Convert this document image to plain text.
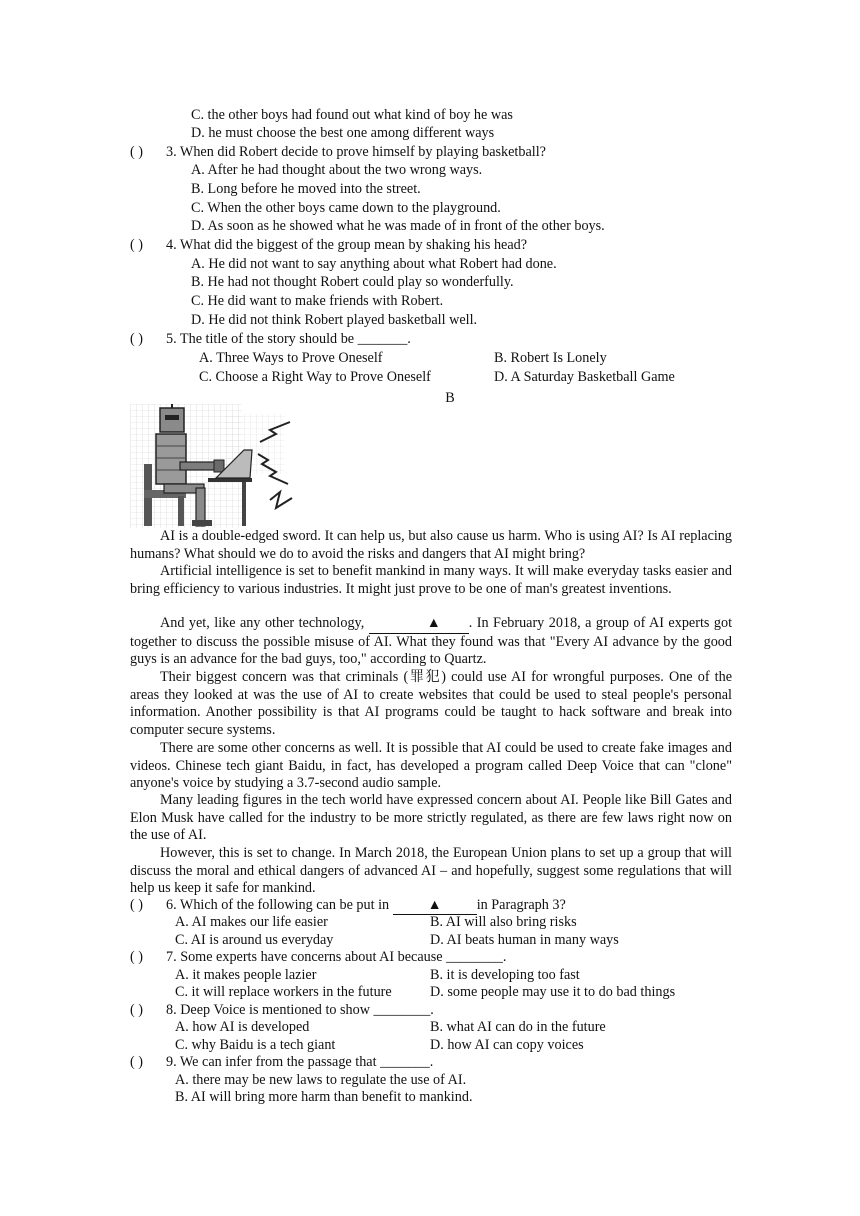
C. the other boys had found out what kind of boy he was
D. he must choose the best one among different ways
( ) 3. When did Robert decide to prove himself by playing basketball?
A. After he had thought about the two wrong ways.
B. Long before he moved into the street.
C. When the other boys came down to the playground.
D. As soon as he showed what he was made of in front of the other boys.
( ) 4. What did the biggest of the group mean by shaking his head?
A. He did not want to say anything about what Robert had done.
B. He had not thought Robert could play so wonderfully.
C. He did want to make friends with Robert.
D. He did not think Robert played basketball well.
( ) 5. The title of the story should be _______.
A. Three Ways to Prove Oneself	B. Robert Is Lonely
C. Choose a Right Way to Prove Oneself	D. A Saturday Basketball Game
B
AI is a double-edged sword. It can help us, but also cause us harm. Who is using AI? Is AI replacing humans? What should we do to avoid the risks and dangers that AI might bring?
Artificial intelligence is set to benefit mankind in many ways. It will make everyday tasks easier and bring efficiency to various industries. It might just prove to be one of man's greatest inventions.
And yet, like any other technology,	▲ . In February 2018, a group of AI experts got together to discuss the possible misuse of AI. What they found was that "Every AI advance by the good guys is an advance for the bad guys, too," according to Quartz.
Their biggest concern was that criminals (罪犯) could use AI for wrongful purposes. One of the areas they looked at was the use of AI to create websites that could be used to steal people's personal information. Another possibility is that AI programs could be taught to hack software and break into computer secure systems.
There are some other concerns as well. It is possible that AI could be used to create fake images and videos. Chinese tech giant Baidu, in fact, has developed a program called Deep Voice that can "clone" anyone's voice by studying a 3.7-second audio sample.
Many leading figures in the tech world have expressed concern about AI. People like Bill Gates and Elon Musk have called for the industry to be more strictly regulated, as there are few laws right now on the use of AI.
However, this is set to change. In March 2018, the European Union plans to set up a group that will discuss the moral and ethical dangers of advanced AI – and hopefully, suggest some regulations that will help us keep it safe for mankind.
( ) 6. Which of the following can be put in	▲ in Paragraph 3?
A. AI makes our life easier	B. AI will also bring risks
C. AI is around us everyday	D. AI beats human in many ways
( ) 7. Some experts have concerns about AI because ________.
A. it makes people lazier	B. it is developing too fast
C. it will replace workers in the future	D. some people may use it to do bad things
( ) 8. Deep Voice is mentioned to show ________.
A. how AI is developed	B. what AI can do in the future
C. why Baidu is a tech giant	D. how AI can copy voices
( ) 9. We can infer from the passage that _______.
A. there may be new laws to regulate the use of AI.
B. AI will bring more harm than benefit to mankind.
